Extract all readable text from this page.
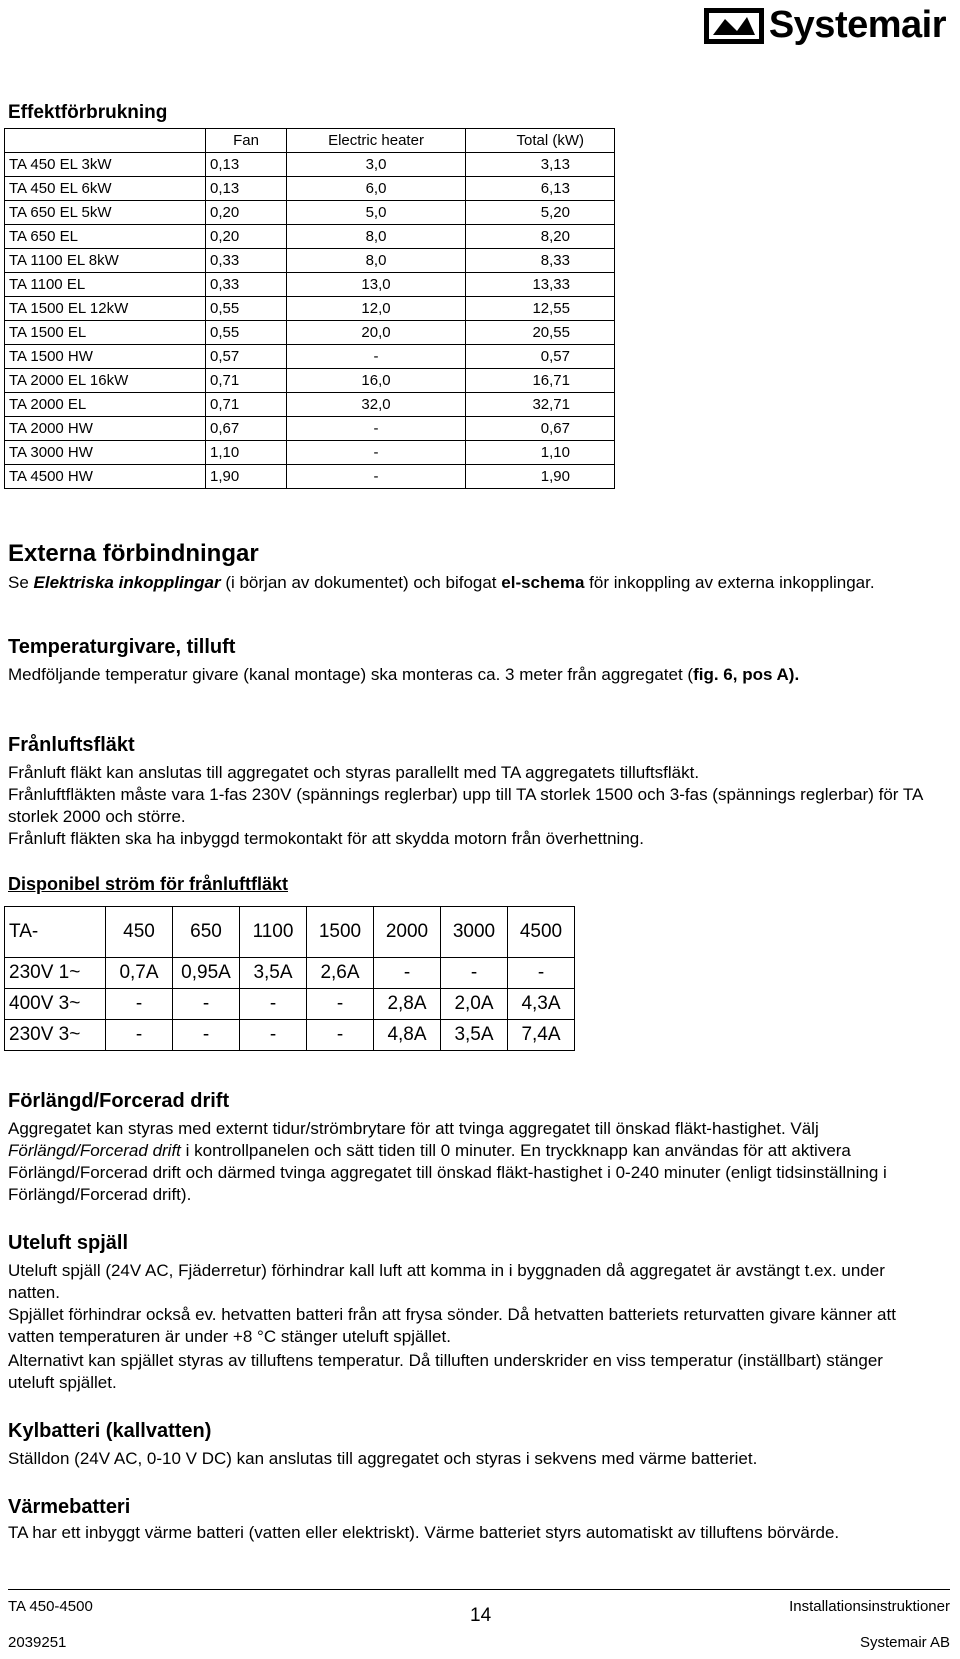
Systemair
Effektförbrukning
	Fan	Electric heater	Total (kW)
TA 450 EL 3kW	0,13	3,0	3,13
TA 450 EL 6kW	0,13	6,0	6,13
TA 650 EL 5kW	0,20	5,0	5,20
TA 650 EL	0,20	8,0	8,20
TA 1100 EL 8kW	0,33	8,0	8,33
TA 1100 EL	0,33	13,0	13,33
TA 1500 EL 12kW	0,55	12,0	12,55
TA 1500 EL	0,55	20,0	20,55
TA 1500 HW	0,57	-	0,57
TA 2000 EL 16kW	0,71	16,0	16,71
TA 2000 EL	0,71	32,0	32,71
TA 2000 HW	0,67	-	0,67
TA 3000 HW	1,10	-	1,10
TA 4500 HW	1,90	-	1,90
Externa förbindningar

Se Elektriska inkopplingar (i början av dokumentet) och bifogat el-schema för inkoppling av externa inkopplingar.

Temperaturgivare, tilluft

Medföljande temperatur givare (kanal montage) ska monteras ca. 3 meter från aggregatet (fig. 6, pos A).

Frånluftsfläkt

Frånluft fläkt kan anslutas till aggregatet och styras parallellt med TA aggregatets tilluftsfläkt.

Frånluftfläkten måste vara 1-fas 230V (spännings reglerbar) upp till TA storlek 1500 och 3-fas (spännings reglerbar) för TA storlek 2000 och större.

Frånluft fläkten ska ha inbyggd termokontakt för att skydda motorn från överhettning.

Disponibel ström för frånluftfläkt
TA-	450	650	1100	1500	2000	3000	4500
230V 1~	0,7A	0,95A	3,5A	2,6A	-	-	-
400V 3~	-	-	-	-	2,8A	2,0A	4,3A
230V 3~	-	-	-	-	4,8A	3,5A	7,4A
Förlängd/Forcerad drift

Aggregatet kan styras med externt tidur/strömbrytare för att tvinga aggregatet till önskad fläkt-hastighet. Välj Förlängd/Forcerad drift i kontrollpanelen och sätt tiden till 0 minuter. En tryckknapp kan användas för att aktivera Förlängd/Forcerad drift och därmed tvinga aggregatet till önskad fläkt-hastighet i 0-240 minuter (enligt tidsinställning i Förlängd/Forcerad drift).

Uteluft spjäll

Uteluft spjäll (24V AC, Fjäderretur) förhindrar kall luft att komma in i byggnaden då aggregatet är avstängt t.ex. under natten.

Spjället förhindrar också ev. hetvatten batteri från att frysa sönder. Då hetvatten batteriets returvatten givare känner att vatten temperaturen är under +8 °C stänger uteluft spjället.

Alternativt kan spjället styras av tilluftens temperatur. Då tilluften underskrider en viss temperatur (inställbart) stänger uteluft spjället.

Kylbatteri (kallvatten)

Ställdon (24V AC, 0-10 V DC) kan anslutas till aggregatet och styras i sekvens med värme batteriet.

Värmebatteri

TA har ett inbyggt värme batteri (vatten eller elektriskt). Värme batteriet styrs automatiskt av tilluftens börvärde.

TA 450-4500	Installationsinstruktioner
14
2039251	Systemair AB
